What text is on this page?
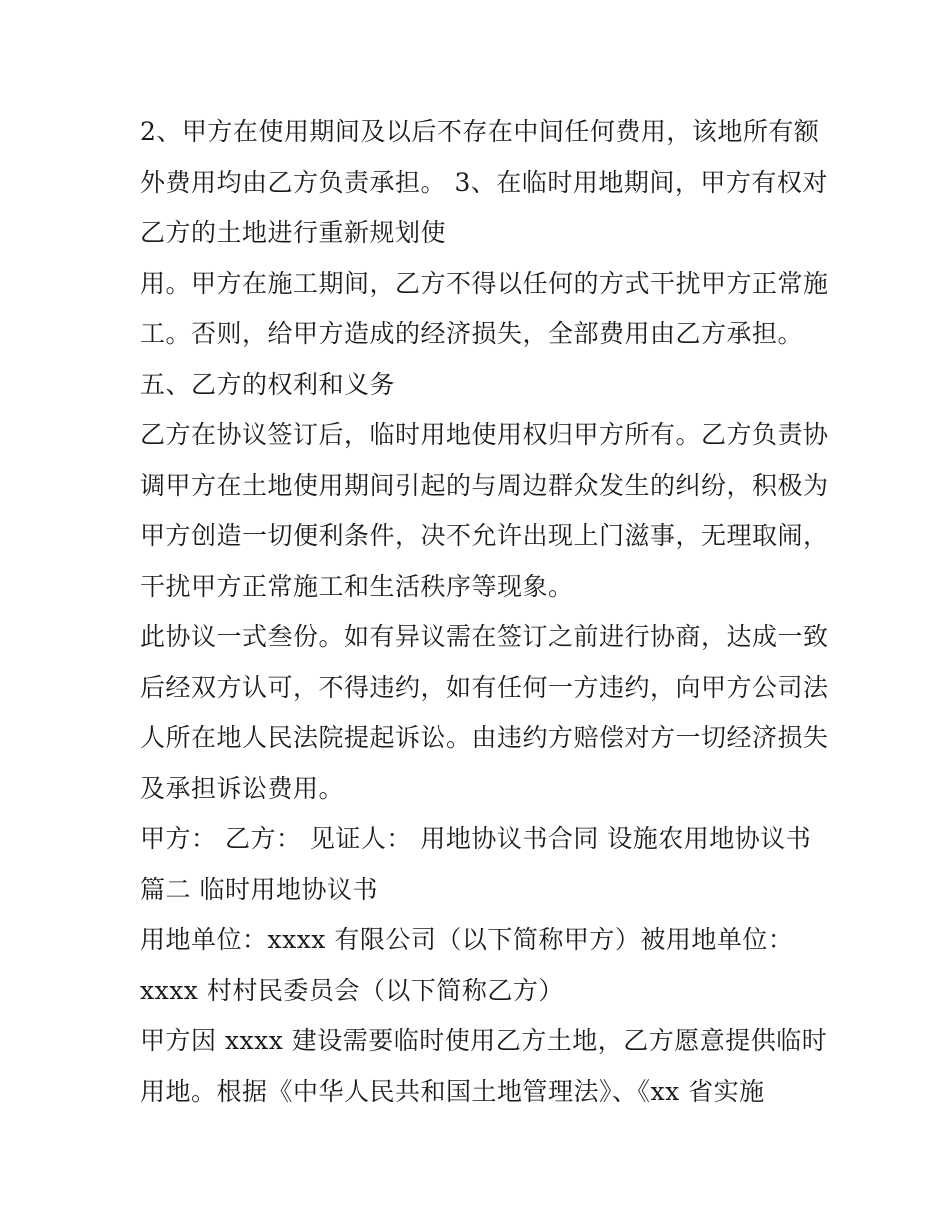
2、甲方在使用期间及以后不存在中间任何费用，该地所有额
外费用均由乙方负责承担。 3、在临时用地期间，甲方有权对
乙方的土地进行重新规划使
用。甲方在施工期间，乙方不得以任何的方式干扰甲方正常施
工。否则，给甲方造成的经济损失，全部费用由乙方承担。
五、乙方的权利和义务
乙方在协议签订后，临时用地使用权归甲方所有。乙方负责协
调甲方在土地使用期间引起的与周边群众发生的纠纷，积极为
甲方创造一切便利条件，决不允许出现上门滋事，无理取闹，
干扰甲方正常施工和生活秩序等现象。
此协议一式叁份。如有异议需在签订之前进行协商，达成一致
后经双方认可，不得违约，如有任何一方违约，向甲方公司法
人所在地人民法院提起诉讼。由违约方赔偿对方一切经济损失
及承担诉讼费用。
甲方： 乙方： 见证人： 用地协议书合同 设施农用地协议书
篇二 临时用地协议书
用地单位：xxxx 有限公司（以下简称甲方）被用地单位：
xxxx 村村民委员会（以下简称乙方）
甲方因 xxxx 建设需要临时使用乙方土地，乙方愿意提供临时
用地。根据《中华人民共和国土地管理法》、《xx 省实施
